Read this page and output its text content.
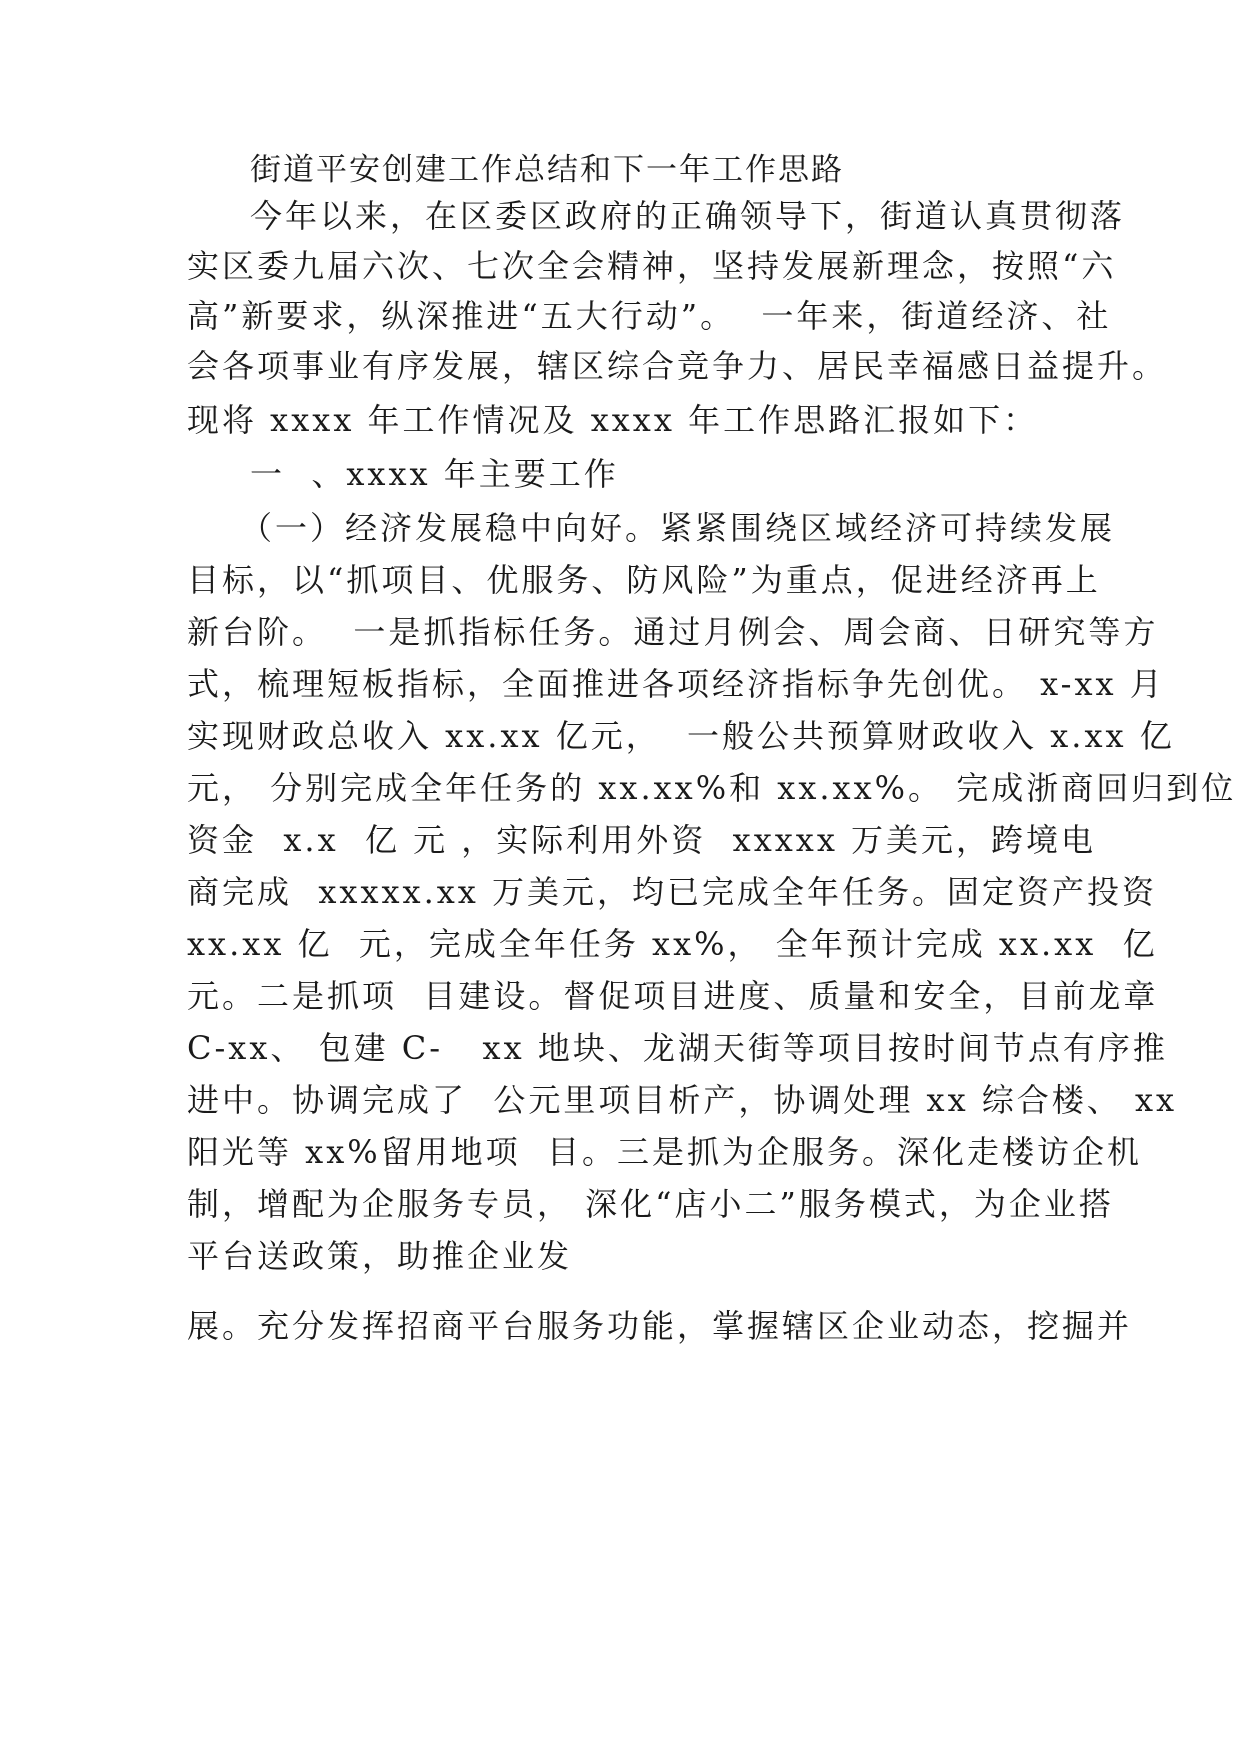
街道平安创建工作总结和下一年工作思路

今年以来，在区委区政府的正确领导下，街道认真贯彻落

实区委九届六次、七次全会精神，坚持发展新理念，按照“六

高”新要求，纵深推进“五大行动”。  一年来，街道经济、社

会各项事业有序发展，辖区综合竞争力、居民幸福感日益提升。

现将 xxxx 年工作情况及 xxxx 年工作思路汇报如下：

一  、xxxx 年主要工作

（一）经济发展稳中向好。紧紧围绕区域经济可持续发展

目标，以“抓项目、优服务、防风险”为重点，促进经济再上

新台阶。  一是抓指标任务。通过月例会、周会商、日研究等方

式，梳理短板指标，全面推进各项经济指标争先创优。 x-xx 月

实现财政总收入 xx.xx 亿元，  一般公共预算财政收入 x.xx 亿

元， 分别完成全年任务的 xx.xx%和 xx.xx%。 完成浙商回归到位

资金  x.x  亿 元 ，实际利用外资  xxxxx 万美元，跨境电

商完成  xxxxx.xx 万美元，均已完成全年任务。固定资产投资

xx.xx 亿  元，完成全年任务 xx%， 全年预计完成 xx.xx  亿

元。二是抓项  目建设。督促项目进度、质量和安全，目前龙章

C-xx、 包建 C-   xx 地块、龙湖天街等项目按时间节点有序推

进中。协调完成了  公元里项目析产，协调处理 xx 综合楼、 xx

阳光等 xx%留用地项  目。三是抓为企服务。深化走楼访企机

制，增配为企服务专员， 深化“店小二”服务模式，为企业搭

平台送政策，助推企业发

展。充分发挥招商平台服务功能，掌握辖区企业动态，挖掘并
